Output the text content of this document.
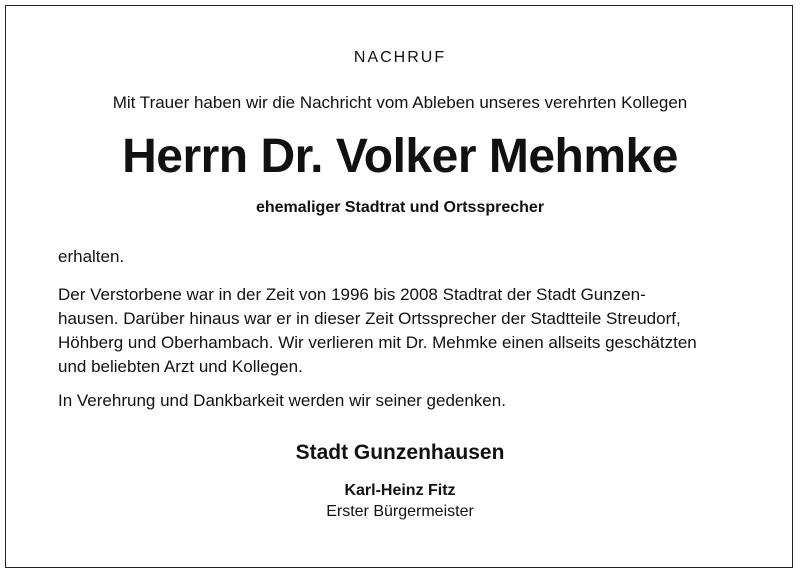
NACHRUF
Mit Trauer haben wir die Nachricht vom Ableben unseres verehrten Kollegen
Herrn Dr. Volker Mehmke
ehemaliger Stadtrat und Ortssprecher
erhalten.
Der Verstorbene war in der Zeit von 1996 bis 2008 Stadtrat der Stadt Gunzen-
hausen. Darüber hinaus war er in dieser Zeit Ortssprecher der Stadtteile Streudorf,
Höhberg und Oberhambach. Wir verlieren mit Dr. Mehmke einen allseits geschätzten
und beliebten Arzt und Kollegen.
In Verehrung und Dankbarkeit werden wir seiner gedenken.
Stadt Gunzenhausen
Karl-Heinz Fitz
Erster Bürgermeister
